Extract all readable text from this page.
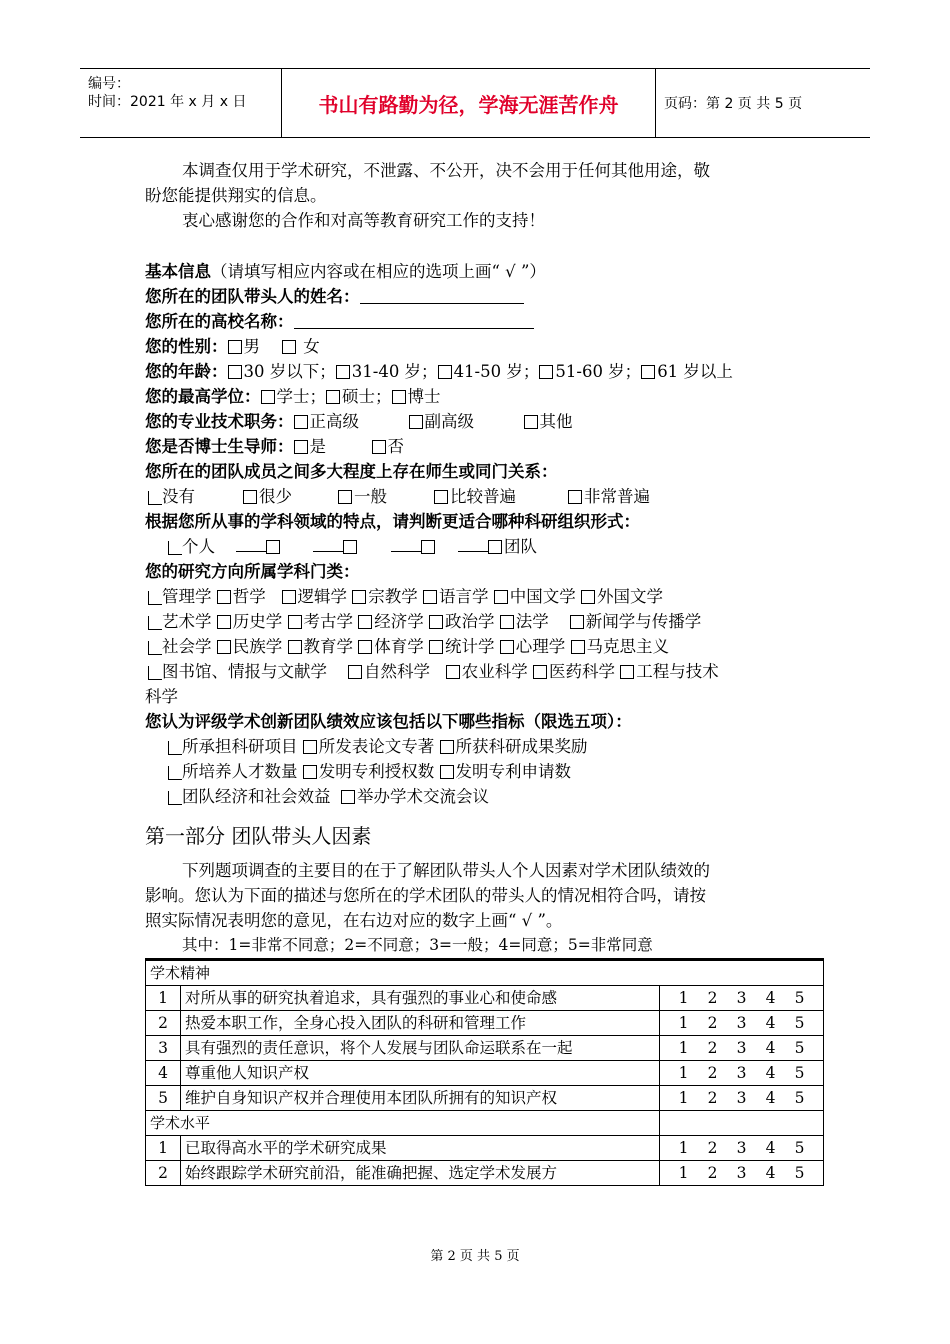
编号：
时间：2021 年 x 月 x 日	书山有路勤为径，学海无涯苦作舟	页码：第 2 页 共 5 页
本调查仅用于学术研究，不泄露、不公开，决不会用于任何其他用途，敬
盼您能提供翔实的信息。
衷心感谢您的合作和对高等教育研究工作的支持！
基本信息（请填写相应内容或在相应的选项上画“ √ ”）
您所在的团队带头人的姓名：
您所在的高校名称：
您的性别： 男	女
您的年龄： 30 岁以下； 31-40 岁； 41-50 岁； 51-60 岁； 61 岁以上
您的最高学位： 学士； 硕士； 博士
您的专业技术职务： 正高级	副高级	其他
您是否博士生导师： 是	否
您所在的团队成员之间多大程度上存在师生或同门关系：
没有	很少	一般	比较普遍	非常普遍
根据您所从事的学科领域的特点，请判断更适合哪种科研组织形式：
个人	团队
您的研究方向所属学科门类：
管理学 哲学 逻辑学 宗教学 语言学 中国文学 外国文学
艺术学 历史学 考古学 经济学 政治学 法学 新闻学与传播学
社会学 民族学 教育学 体育学 统计学 心理学 马克思主义
图书馆、情报与文献学 自然科学 农业科学 医药科学 工程与技术
科学
您认为评级学术创新团队绩效应该包括以下哪些指标（限选五项）：
所承担科研项目 所发表论文专著 所获科研成果奖励
所培养人才数量 发明专利授权数 发明专利申请数
团队经济和社会效益 举办学术交流会议
第一部分 团队带头人因素
下列题项调查的主要目的在于了解团队带头人个人因素对学术团队绩效的
影响。您认为下面的描述与您所在的学术团队的带头人的情况相符合吗，请按
照实际情况表明您的意见，在右边对应的数字上画“ √ ”。
其中：1=非常不同意；2=不同意；3=一般；4=同意；5=非常同意
学术精神		
1	对所从事的研究执着追求，具有强烈的事业心和使命感	1 2 3 4 5
2	热爱本职工作，全身心投入团队的科研和管理工作	1 2 3 4 5
3	具有强烈的责任意识，将个人发展与团队命运联系在一起	1 2 3 4 5
4	尊重他人知识产权	1 2 3 4 5
5	维护自身知识产权并合理使用本团队所拥有的知识产权	1 2 3 4 5
学术水平		
1	已取得高水平的学术研究成果	1 2 3 4 5
2	始终跟踪学术研究前沿，能准确把握、选定学术发展方	1 2 3 4 5
第 2 页 共 5 页
